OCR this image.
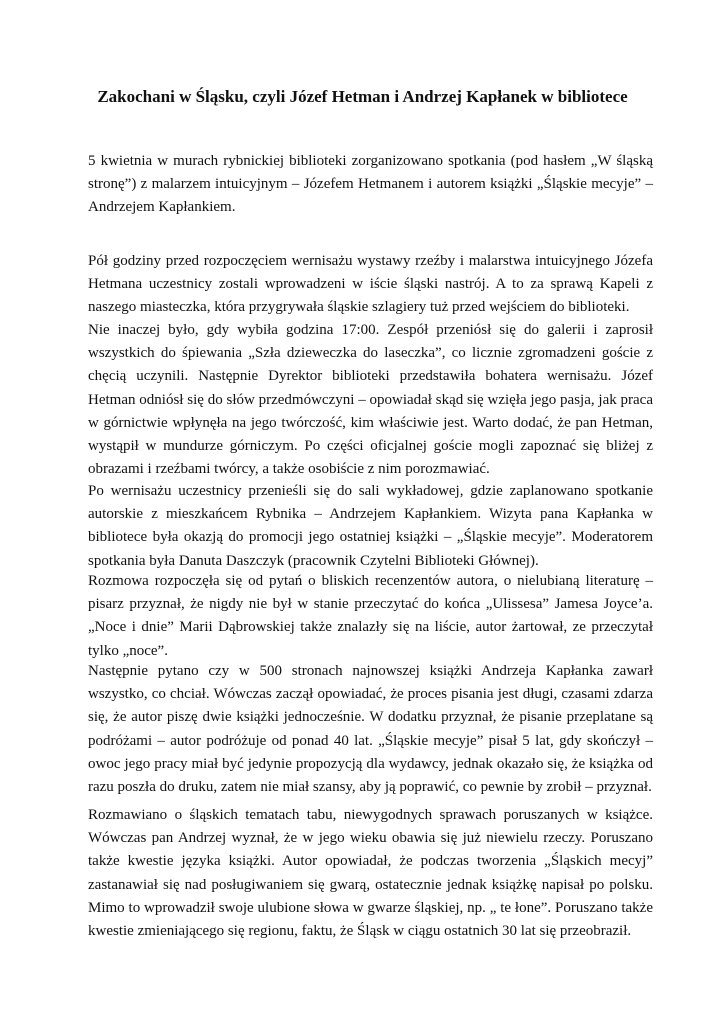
Zakochani w Śląsku, czyli Józef Hetman i Andrzej Kapłanek w bibliotece
5 kwietnia w murach rybnickiej biblioteki zorganizowano spotkania (pod hasłem „W śląską stronę”) z malarzem intuicyjnym – Józefem Hetmanem i autorem książki „Śląskie mecyje” – Andrzejem Kapłankiem.
Pół godziny przed rozpoczęciem wernisażu wystawy rzeźby i malarstwa intuicyjnego Józefa Hetmana uczestnicy zostali wprowadzeni w iście śląski nastrój. A to za sprawą Kapeli z naszego miasteczka, która przygrywała śląskie szlagiery tuż przed wejściem do biblioteki.
Nie inaczej było, gdy wybiła godzina 17:00. Zespół przeniósł się do galerii i zaprosił wszystkich do śpiewania „Szła dzieweczka do laseczka”, co licznie zgromadzeni goście z chęcią uczynili. Następnie Dyrektor biblioteki przedstawiła bohatera wernisażu. Józef Hetman odniósł się do słów przedmówczyni – opowiadał skąd się wzięła jego pasja, jak praca w górnictwie wpłynęła na jego twórczość, kim właściwie jest. Warto dodać, że pan Hetman, wystąpił w mundurze górniczym. Po części oficjalnej goście mogli zapoznać się bliżej z obrazami i rzeźbami twórcy, a także osobiście z nim porozmawiać.
Po wernisażu uczestnicy przenieśli się do sali wykładowej, gdzie zaplanowano spotkanie autorskie z mieszkańcem Rybnika – Andrzejem Kapłankiem. Wizyta pana Kapłanka w bibliotece była okazją do promocji jego ostatniej książki – „Śląskie mecyje”. Moderatorem spotkania była Danuta Daszczyk (pracownik Czytelni Biblioteki Głównej).
Rozmowa rozpoczęła się od pytań o bliskich recenzentów autora, o nielubianą literaturę – pisarz przyznał, że nigdy nie był w stanie przeczytać do końca „Ulissesa” Jamesa Joyce’a. „Noce i dnie” Marii Dąbrowskiej także znalazły się na liście, autor żartował, ze przeczytał tylko „noce”.
Następnie pytano czy w 500 stronach najnowszej książki Andrzeja Kapłanka zawarł wszystko, co chciał. Wówczas zaczął opowiadać, że proces pisania jest długi, czasami zdarza się, że autor piszę dwie książki jednocześnie. W dodatku przyznał, że pisanie przeplatane są podróżami – autor podróżuje od ponad 40 lat. „Śląskie mecyje” pisał 5 lat, gdy skończył – owoc jego pracy miał być jedynie propozycją dla wydawcy, jednak okazało się, że książka od razu poszła do druku, zatem nie miał szansy, aby ją poprawić, co pewnie by zrobił – przyznał.
Rozmawiano o śląskich tematach tabu, niewygodnych sprawach poruszanych w książce. Wówczas pan Andrzej wyznał, że w jego wieku obawia się już niewielu rzeczy. Poruszano także kwestie języka książki. Autor opowiadał, że podczas tworzenia „Śląskich mecyj” zastanawiał się nad posługiwaniem się gwarą, ostatecznie jednak książkę napisał po polsku. Mimo to wprowadził swoje ulubione słowa w gwarze śląskiej, np. „ te łone”. Poruszano także kwestie zmieniającego się regionu, faktu, że Śląsk w ciągu ostatnich 30 lat się przeobraził.
